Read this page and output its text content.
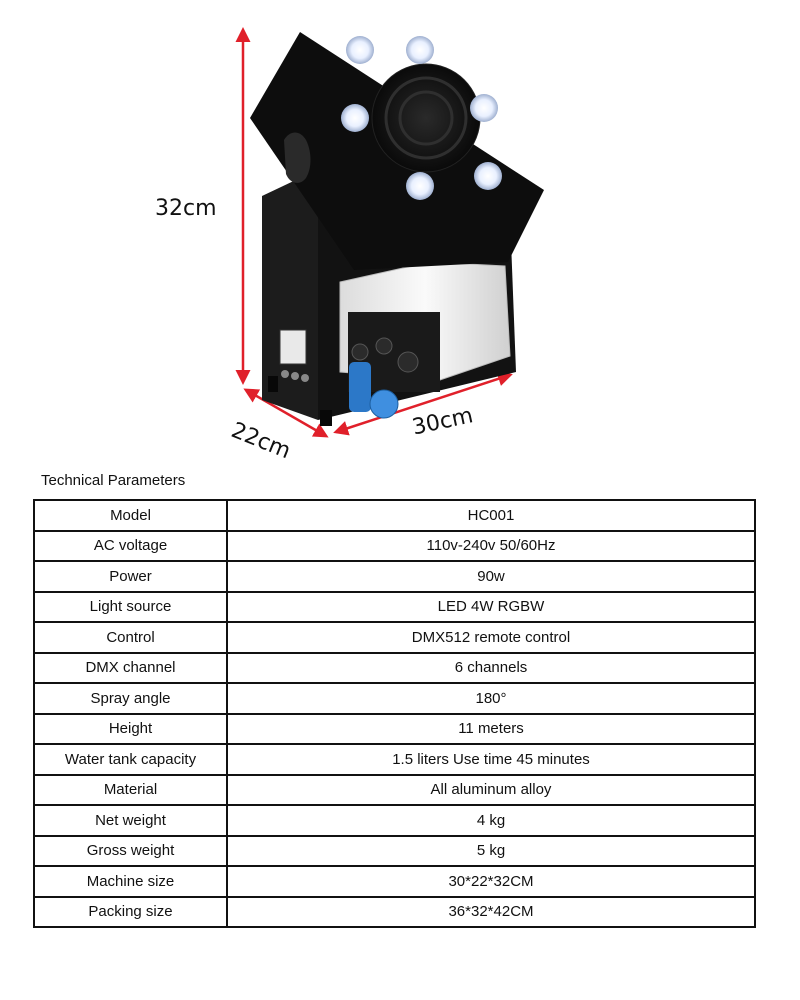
32cm
22cm	30cm
Technical Parameters
Model	HC001
AC voltage	110v-240v 50/60Hz
Power	90w
Light source	LED 4W RGBW
Control	DMX512 remote control
DMX channel	6 channels
Spray angle	180°
Height	11 meters
Water tank capacity	1.5 liters Use time 45 minutes
Material	All aluminum alloy
Net weight	4 kg
Gross weight	5 kg
Machine size	30*22*32CM
Packing size	36*32*42CM
